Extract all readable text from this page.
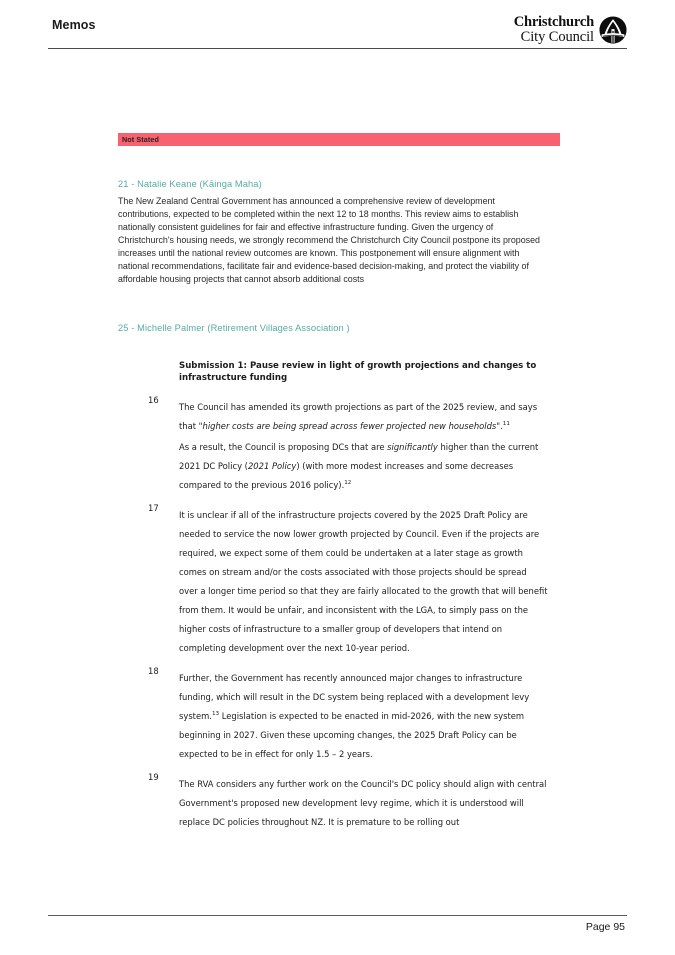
Memos	Christchurch
City Council
Not Stated
21 - Natalie Keane (Kāinga Maha)
The New Zealand Central Government has announced a comprehensive review of development contributions, expected to be completed within the next 12 to 18 months. This review aims to establish nationally consistent guidelines for fair and effective infrastructure funding. Given the urgency of Christchurch's housing needs, we strongly recommend the Christchurch City Council postpone its proposed increases until the national review outcomes are known. This postponement will ensure alignment with national recommendations, facilitate fair and evidence-based decision-making, and protect the viability of affordable housing projects that cannot absorb additional costs
25 - Michelle Palmer (Retirement Villages Association )
Submission 1: Pause review in light of growth projections and changes to infrastructure funding
16
The Council has amended its growth projections as part of the 2025 review, and says that "higher costs are being spread across fewer projected new households".$^{11}$
As a result, the Council is proposing DCs that are significantly higher than the current 2021 DC Policy (2021 Policy) (with more modest increases and some decreases compared to the previous 2016 policy).$^{12}$
17
It is unclear if all of the infrastructure projects covered by the 2025 Draft Policy are needed to service the now lower growth projected by Council. Even if the projects are required, we expect some of them could be undertaken at a later stage as growth comes on stream and/or the costs associated with those projects should be spread over a longer time period so that they are fairly allocated to the growth that will benefit from them. It would be unfair, and inconsistent with the LGA, to simply pass on the higher costs of infrastructure to a smaller group of developers that intend on completing development over the next 10-year period.
18
Further, the Government has recently announced major changes to infrastructure funding, which will result in the DC system being replaced with a development levy system.$^{13}$ Legislation is expected to be enacted in mid-2026, with the new system beginning in 2027. Given these upcoming changes, the 2025 Draft Policy can be expected to be in effect for only 1.5 – 2 years.
19
The RVA considers any further work on the Council's DC policy should align with central Government's proposed new development levy regime, which it is understood will replace DC policies throughout NZ. It is premature to be rolling out
Page 95
